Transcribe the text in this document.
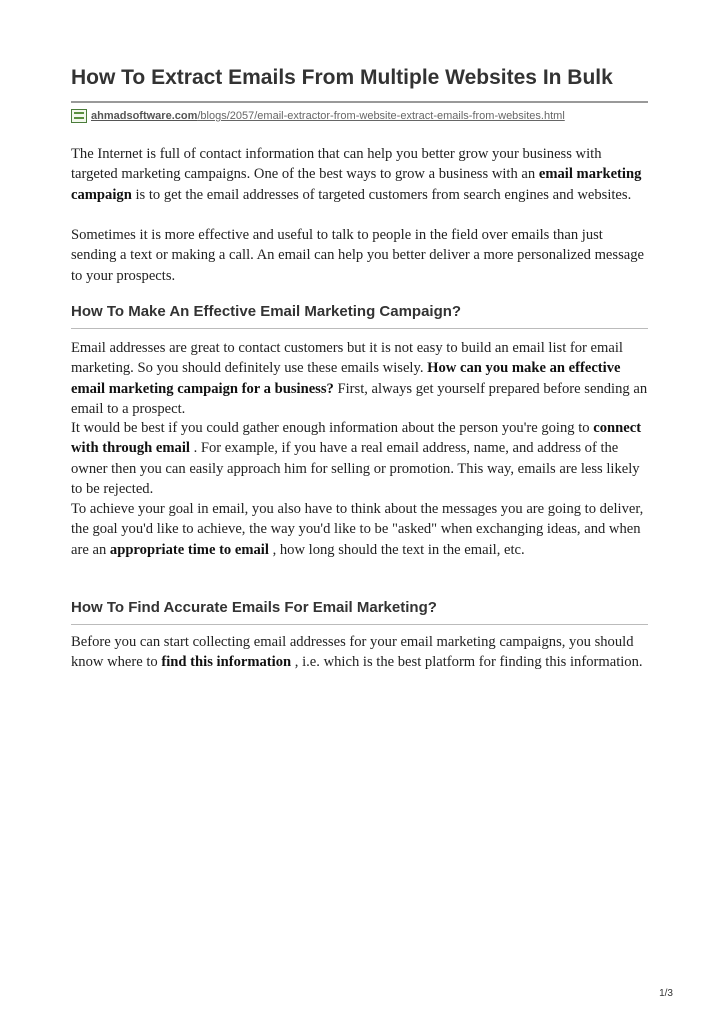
How To Extract Emails From Multiple Websites In Bulk
ahmadsoftware.com /blogs/2057/email-extractor-from-website-extract-emails-from-websites.html

The Internet is full of contact information that can help you better grow your business with targeted marketing campaigns. One of the best ways to grow a business with an email marketing campaign is to get the email addresses of targeted customers from search engines and websites.

Sometimes it is more effective and useful to talk to people in the field over emails than just sending a text or making a call. An email can help you better deliver a more personalized message to your prospects.

How To Make An Effective Email Marketing Campaign?

Email addresses are great to contact customers but it is not easy to build an email list for email marketing. So you should definitely use these emails wisely. How can you make an effective email marketing campaign for a business? First, always get yourself prepared before sending an email to a prospect.

It would be best if you could gather enough information about the person you're going to connect with through email . For example, if you have a real email address, name, and address of the owner then you can easily approach him for selling or promotion. This way, emails are less likely to be rejected.

To achieve your goal in email, you also have to think about the messages you are going to deliver, the goal you'd like to achieve, the way you'd like to be "asked" when exchanging ideas, and when are an appropriate time to email , how long should the text in the email, etc.

How To Find Accurate Emails For Email Marketing?

Before you can start collecting email addresses for your email marketing campaigns, you should know where to find this information , i.e. which is the best platform for finding this information.

1/3
